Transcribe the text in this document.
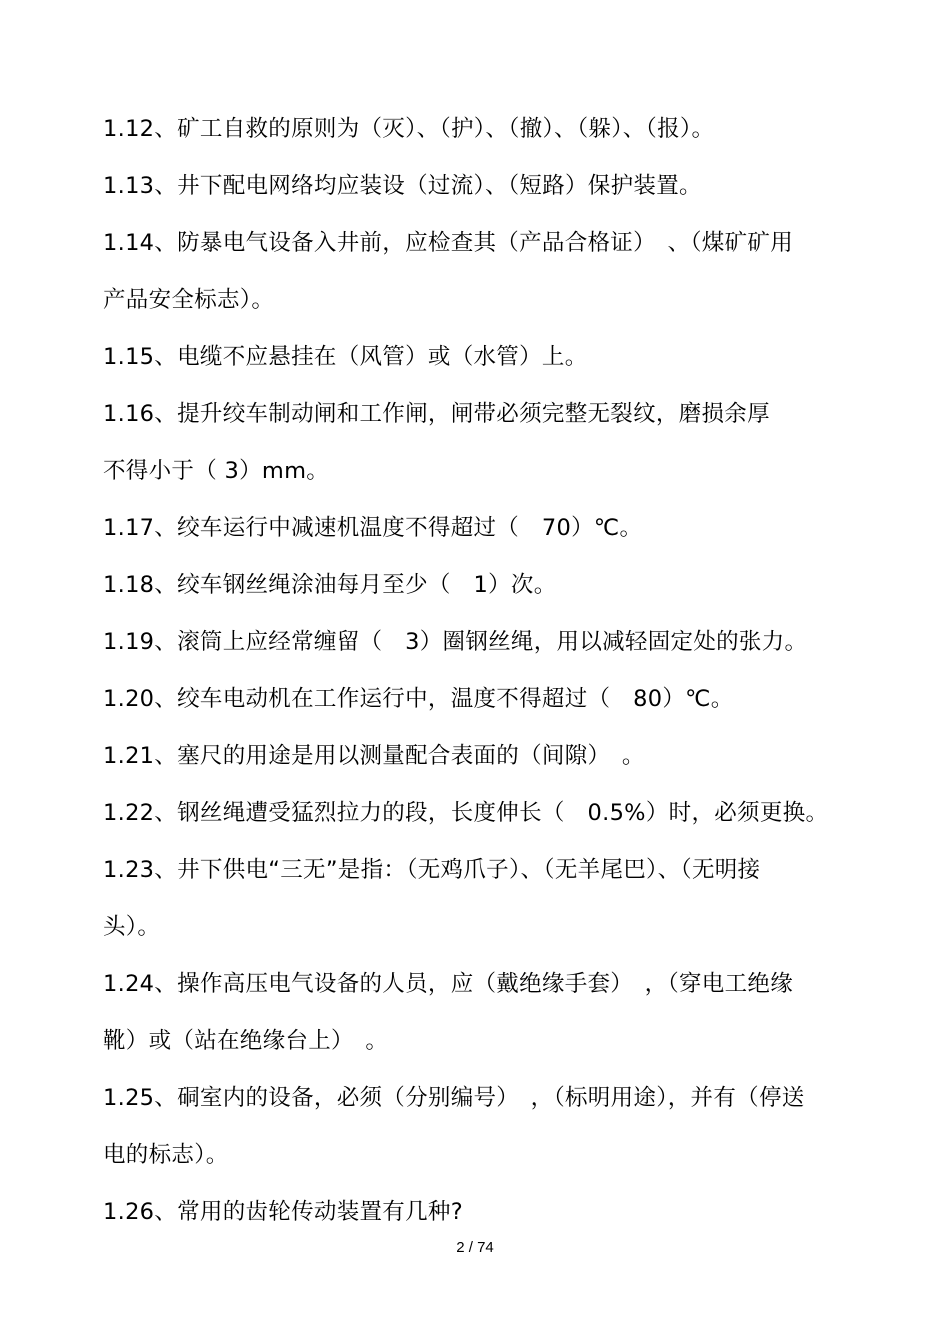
1.12、矿工自救的原则为（灭）、（护）、（撤）、（躲）、（报）。
1.13、井下配电网络均应装设（过流）、（短路）保护装置。
1.14、防暴电气设备入井前，应检查其（产品合格证）　、（煤矿矿用
产品安全标志）。
1.15、电缆不应悬挂在（风管）或（水管）上。
1.16、提升绞车制动闸和工作闸，闸带必须完整无裂纹，磨损余厚
不得小于（ 3）mm。
1.17、绞车运行中减速机温度不得超过（　70）℃。
1.18、绞车钢丝绳涂油每月至少（　1）次。
1.19、滚筒上应经常缠留（　3）圈钢丝绳，用以减轻固定处的张力。
1.20、绞车电动机在工作运行中，温度不得超过（　80）℃。
1.21、塞尺的用途是用以测量配合表面的（间隙）　。
1.22、钢丝绳遭受猛烈拉力的段，长度伸长（　0.5%）时，必须更换。
1.23、井下供电“三无”是指：（无鸡爪子）、（无羊尾巴）、（无明接
头）。
1.24、操作高压电气设备的人员，应（戴绝缘手套）　，（穿电工绝缘
靴）或（站在绝缘台上）　。
1.25、硐室内的设备，必须（分别编号）　，（标明用途），并有（停送
电的标志）。
1.26、常用的齿轮传动装置有几种?
2 / 74
